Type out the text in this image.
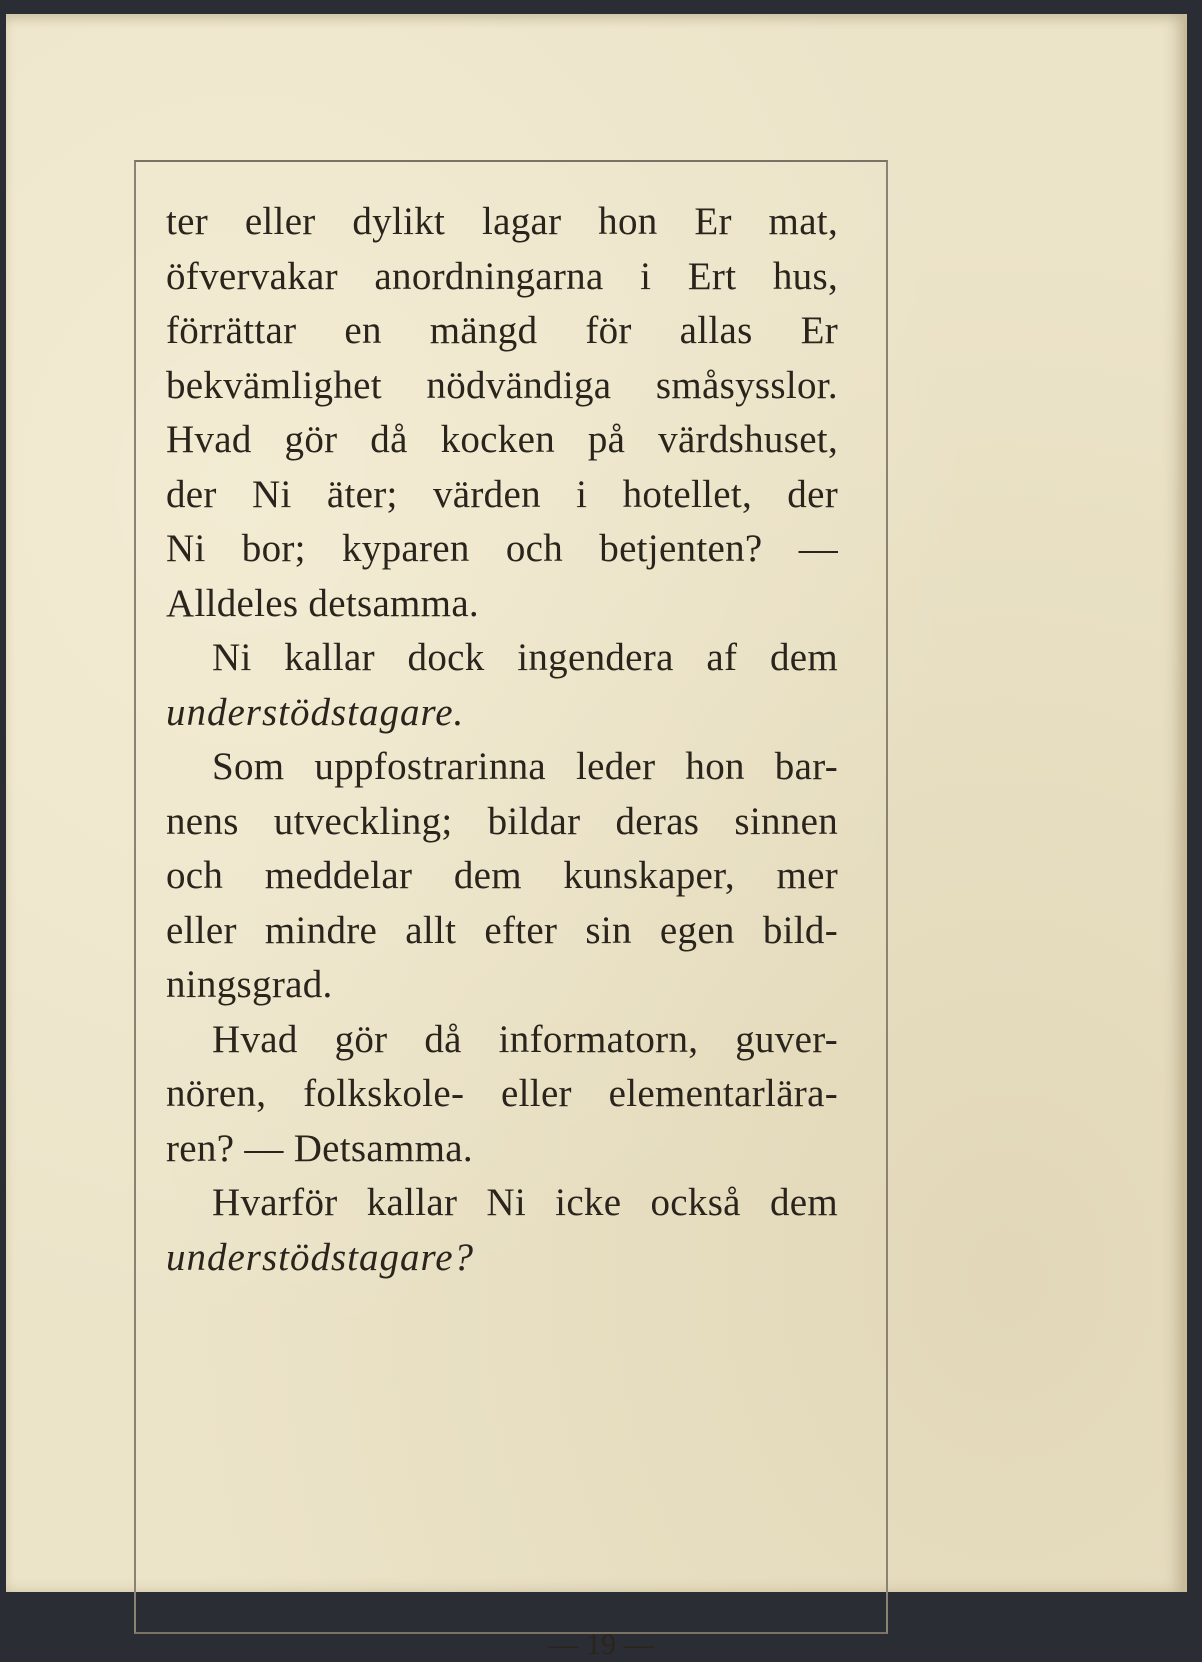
ter eller dylikt lagar hon Er mat,
öfvervakar anordningarna i Ert hus,
förrättar en mängd för allas Er
bekvämlighet nödvändiga småsysslor.
Hvad gör då kocken på värdshuset,
der Ni äter; värden i hotellet, der
Ni bor; kyparen och betjenten? —
Alldeles detsamma.
Ni kallar dock ingendera af dem
understödstagare.
Som uppfostrarinna leder hon bar-
nens utveckling; bildar deras sinnen
och meddelar dem kunskaper, mer
eller mindre allt efter sin egen bild-
ningsgrad.
Hvad gör då informatorn, guver-
nören, folkskole- eller elementarlära-
ren? — Detsamma.
Hvarför kallar Ni icke också dem
understödstagare?
— 19 —
